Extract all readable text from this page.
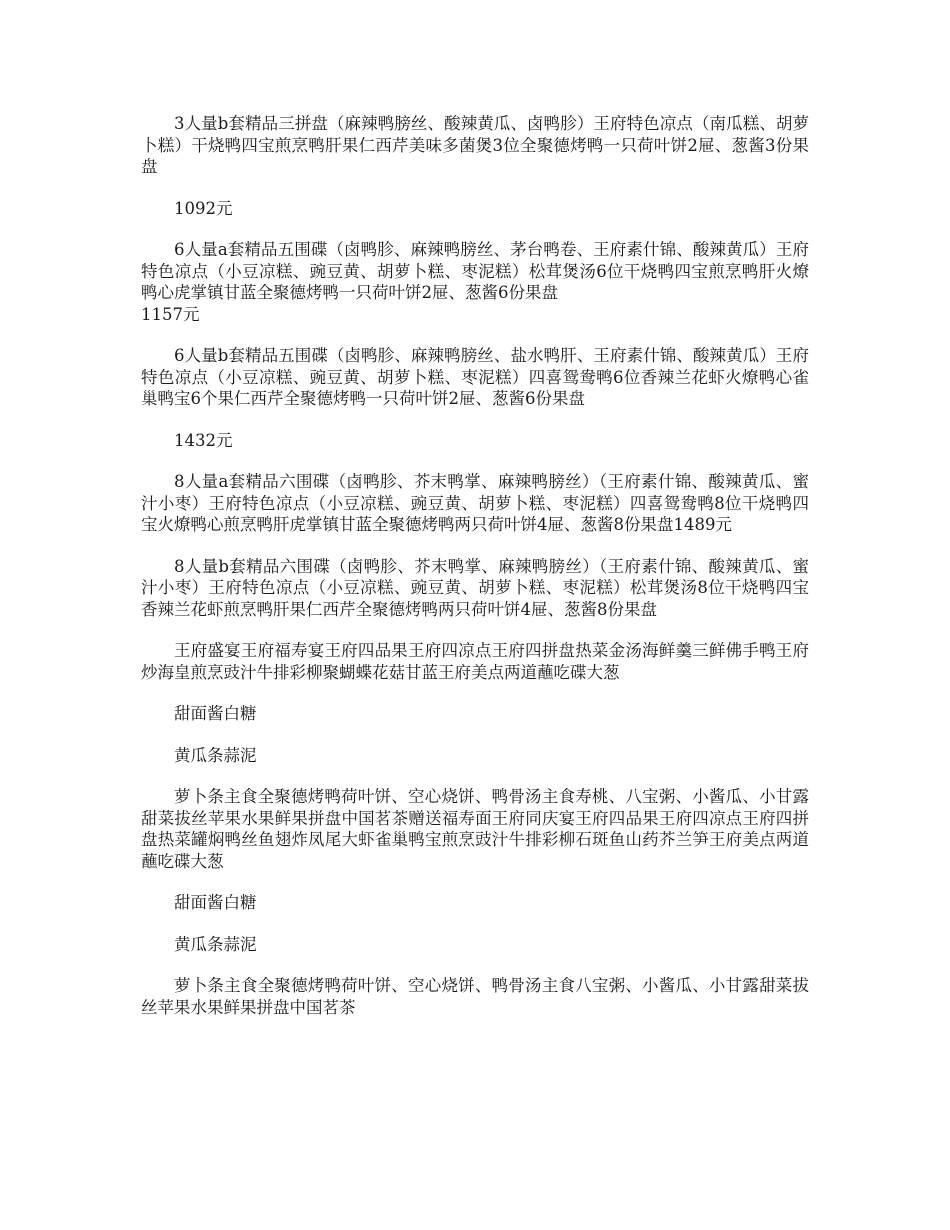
3人量b套精品三拼盘（麻辣鸭膀丝、酸辣黄瓜、卤鸭胗）王府特色凉点（南瓜糕、胡萝卜糕）干烧鸭四宝煎烹鸭肝果仁西芹美味多菌煲3位全聚德烤鸭一只荷叶饼2屉、葱酱3份果盘

1092元

6人量a套精品五围碟（卤鸭胗、麻辣鸭膀丝、茅台鸭卷、王府素什锦、酸辣黄瓜）王府特色凉点（小豆凉糕、豌豆黄、胡萝卜糕、枣泥糕）松茸煲汤6位干烧鸭四宝煎烹鸭肝火燎鸭心虎掌镇甘蓝全聚德烤鸭一只荷叶饼2屉、葱酱6份果盘

1157元

6人量b套精品五围碟（卤鸭胗、麻辣鸭膀丝、盐水鸭肝、王府素什锦、酸辣黄瓜）王府特色凉点（小豆凉糕、豌豆黄、胡萝卜糕、枣泥糕）四喜鸳鸯鸭6位香辣兰花虾火燎鸭心雀巢鸭宝6个果仁西芹全聚德烤鸭一只荷叶饼2屉、葱酱6份果盘

1432元

8人量a套精品六围碟（卤鸭胗、芥末鸭掌、麻辣鸭膀丝）（王府素什锦、酸辣黄瓜、蜜汁小枣）王府特色凉点（小豆凉糕、豌豆黄、胡萝卜糕、枣泥糕）四喜鸳鸯鸭8位干烧鸭四宝火燎鸭心煎烹鸭肝虎掌镇甘蓝全聚德烤鸭两只荷叶饼4屉、葱酱8份果盘1489元

8人量b套精品六围碟（卤鸭胗、芥末鸭掌、麻辣鸭膀丝）（王府素什锦、酸辣黄瓜、蜜汁小枣）王府特色凉点（小豆凉糕、豌豆黄、胡萝卜糕、枣泥糕）松茸煲汤8位干烧鸭四宝香辣兰花虾煎烹鸭肝果仁西芹全聚德烤鸭两只荷叶饼4屉、葱酱8份果盘

王府盛宴王府福寿宴王府四品果王府四凉点王府四拼盘热菜金汤海鲜羹三鲜佛手鸭王府炒海皇煎烹豉汁牛排彩柳聚蝴蝶花菇甘蓝王府美点两道蘸吃碟大葱

甜面酱白糖

黄瓜条蒜泥

萝卜条主食全聚德烤鸭荷叶饼、空心烧饼、鸭骨汤主食寿桃、八宝粥、小酱瓜、小甘露甜菜拔丝苹果水果鲜果拼盘中国茗茶赠送福寿面王府同庆宴王府四品果王府四凉点王府四拼盘热菜罐焖鸭丝鱼翅炸凤尾大虾雀巢鸭宝煎烹豉汁牛排彩柳石斑鱼山药芥兰笋王府美点两道蘸吃碟大葱

甜面酱白糖

黄瓜条蒜泥

萝卜条主食全聚德烤鸭荷叶饼、空心烧饼、鸭骨汤主食八宝粥、小酱瓜、小甘露甜菜拔丝苹果水果鲜果拼盘中国茗茶
